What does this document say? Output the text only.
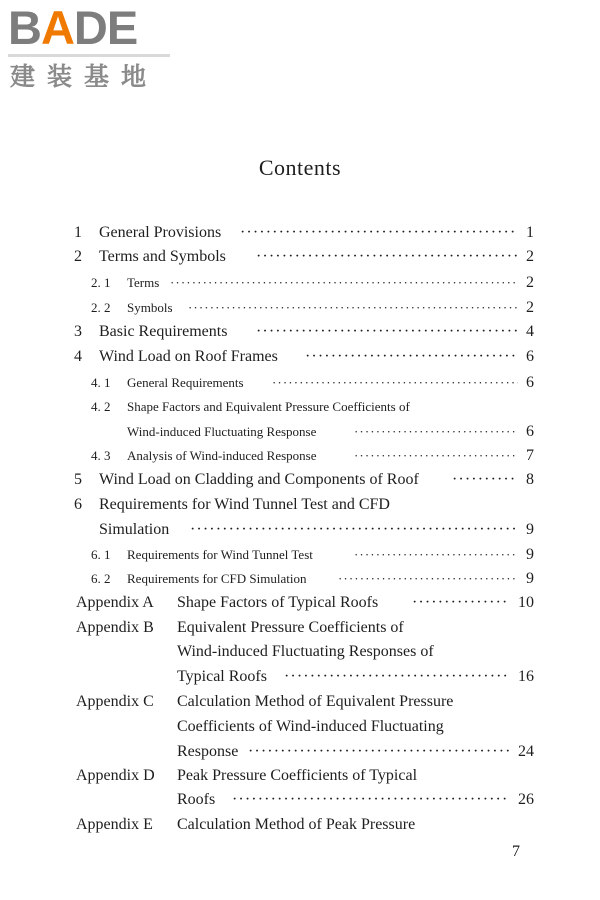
BADE
建装基地
Contents
1 General Provisions ·····	1
2 Terms and Symbols ·····	2
2. 1 Terms ·····	2
2. 2 Symbols ·····	2
3 Basic Requirements ·····	4
4 Wind Load on Roof Frames ·····	6
4. 1 General Requirements ·····	6
4. 2 Shape Factors and Equivalent Pressure Coefficients of
Wind-induced Fluctuating Response ·····	6
4. 3 Analysis of Wind-induced Response ·····	7
5 Wind Load on Cladding and Components of Roof ·····	8
6 Requirements for Wind Tunnel Test and CFD
Simulation ·····	9
6. 1 Requirements for Wind Tunnel Test ·····	9
6. 2 Requirements for CFD Simulation ·····	9
Appendix A Shape Factors of Typical Roofs ·····	10
Appendix B Equivalent Pressure Coefficients of
Wind-induced Fluctuating Responses of
Typical Roofs ·····	16
Appendix C Calculation Method of Equivalent Pressure
Coefficients of Wind-induced Fluctuating
Response ·····	24
Appendix D Peak Pressure Coefficients of Typical
Roofs ·····	26
Appendix E Calculation Method of Peak Pressure
7
